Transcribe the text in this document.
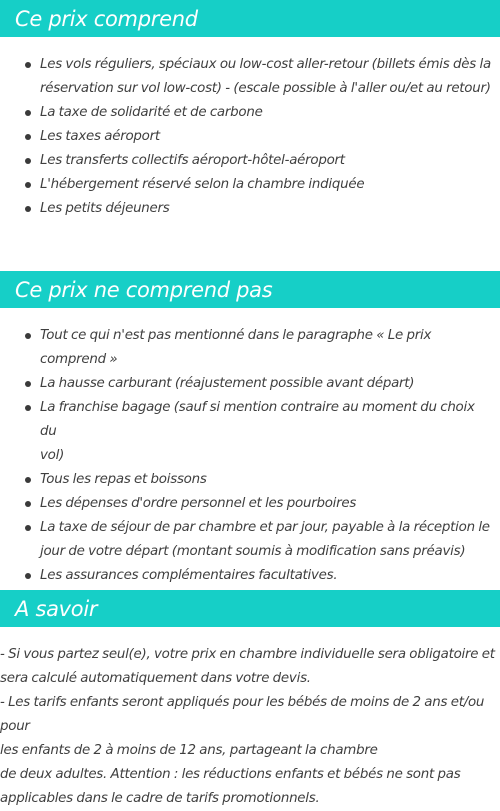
Ce prix comprend
Les vols réguliers, spéciaux ou low-cost aller-retour (billets émis dès la
réservation sur vol low-cost) - (escale possible à l'aller ou/et au retour)
La taxe de solidarité et de carbone
Les taxes aéroport
Les transferts collectifs aéroport-hôtel-aéroport
L'hébergement réservé selon la chambre indiquée
Les petits déjeuners
Ce prix ne comprend pas
Tout ce qui n'est pas mentionné dans le paragraphe « Le prix comprend »
La hausse carburant (réajustement possible avant départ)
La franchise bagage (sauf si mention contraire au moment du choix du
vol)
Tous les repas et boissons
Les dépenses d'ordre personnel et les pourboires
La taxe de séjour de par chambre et par jour, payable à la réception le
jour de votre départ (montant soumis à modification sans préavis)
Les assurances complémentaires facultatives.
A savoir

- Si vous partez seul(e), votre prix en chambre individuelle sera obligatoire et
sera calculé automatiquement dans votre devis.

- Les tarifs enfants seront appliqués pour les bébés de moins de 2 ans et/ou pour
les enfants de 2 à moins de 12 ans, partageant la chambre
de deux adultes. Attention : les réductions enfants et bébés ne sont pas
applicables dans le cadre de tarifs promotionnels.
